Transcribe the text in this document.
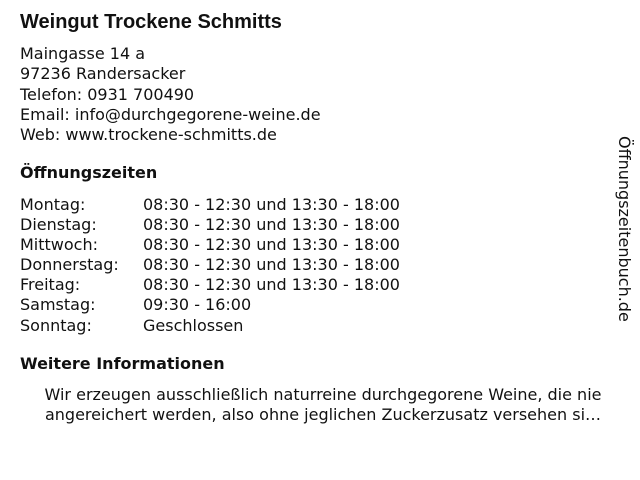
Weingut Trockene Schmitts
Maingasse 14 a
97236 Randersacker
Telefon: 0931 700490
Email: info@durchgegorene-weine.de
Web: www.trockene-schmitts.de
Öffnungszeiten
Montag:	08:30 - 12:30 und 13:30 - 18:00
Dienstag:	08:30 - 12:30 und 13:30 - 18:00
Mittwoch:	08:30 - 12:30 und 13:30 - 18:00
Donnerstag:	08:30 - 12:30 und 13:30 - 18:00
Freitag:	08:30 - 12:30 und 13:30 - 18:00
Samstag:	09:30 - 16:00
Sonntag:	Geschlossen
Weitere Informationen
Wir erzeugen ausschließlich naturreine durchgegorene Weine, die nie
angereichert werden, also ohne jeglichen Zuckerzusatz versehen si…
Öffnungszeitenbuch.de
